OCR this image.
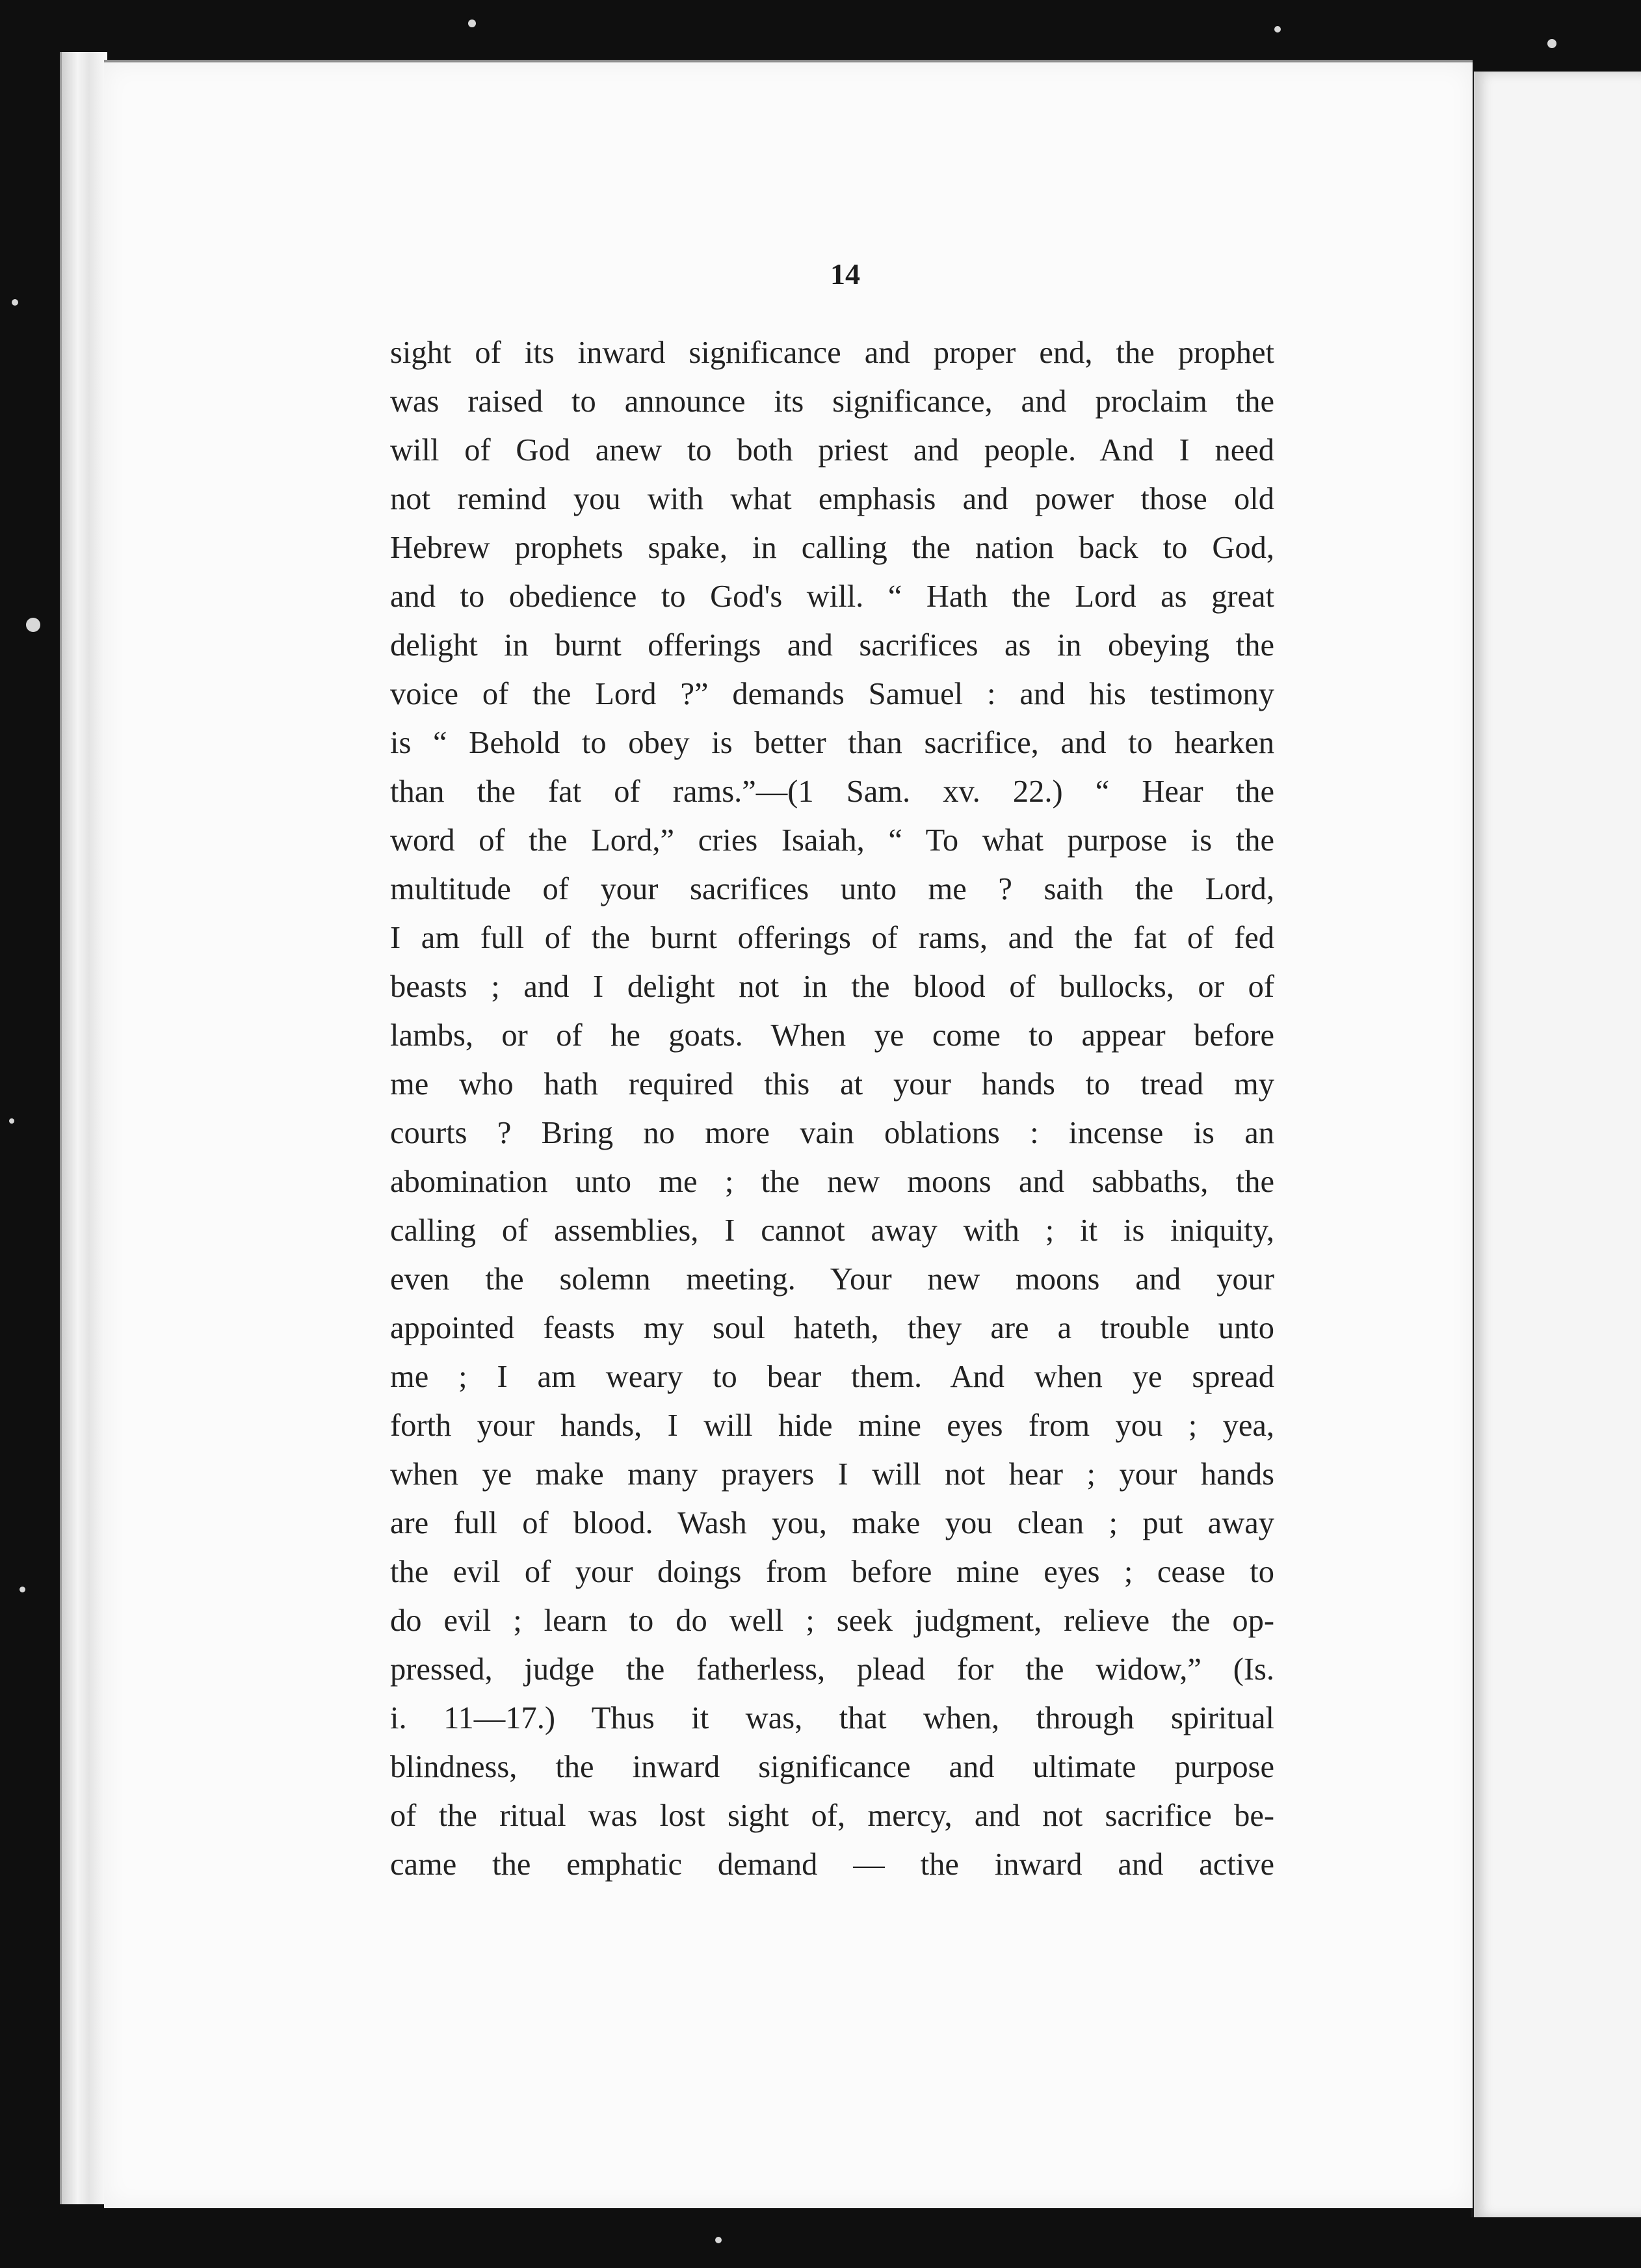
14
sight of its inward significance and proper end, the prophet
was raised to announce its significance, and proclaim the
will of God anew to both priest and people. And I need
not remind you with what emphasis and power those old
Hebrew prophets spake, in calling the nation back to God,
and to obedience to God's will. “ Hath the Lord as great
delight in burnt offerings and sacrifices as in obeying the
voice of the Lord ?” demands Samuel : and his testimony
is “ Behold to obey is better than sacrifice, and to hearken
than the fat of rams.”—(1 Sam. xv. 22.) “ Hear the
word of the Lord,” cries Isaiah, “ To what purpose is the
multitude of your sacrifices unto me ? saith the Lord,
I am full of the burnt offerings of rams, and the fat of fed
beasts ; and I delight not in the blood of bullocks, or of
lambs, or of he goats. When ye come to appear before
me who hath required this at your hands to tread my
courts ? Bring no more vain oblations : incense is an
abomination unto me ; the new moons and sabbaths, the
calling of assemblies, I cannot away with ; it is iniquity,
even the solemn meeting. Your new moons and your
appointed feasts my soul hateth, they are a trouble unto
me ; I am weary to bear them. And when ye spread
forth your hands, I will hide mine eyes from you ; yea,
when ye make many prayers I will not hear ; your hands
are full of blood. Wash you, make you clean ; put away
the evil of your doings from before mine eyes ; cease to
do evil ; learn to do well ; seek judgment, relieve the op-
pressed, judge the fatherless, plead for the widow,” (Is.
i. 11—17.) Thus it was, that when, through spiritual
blindness, the inward significance and ultimate purpose
of the ritual was lost sight of, mercy, and not sacrifice be-
came the emphatic demand — the inward and active
